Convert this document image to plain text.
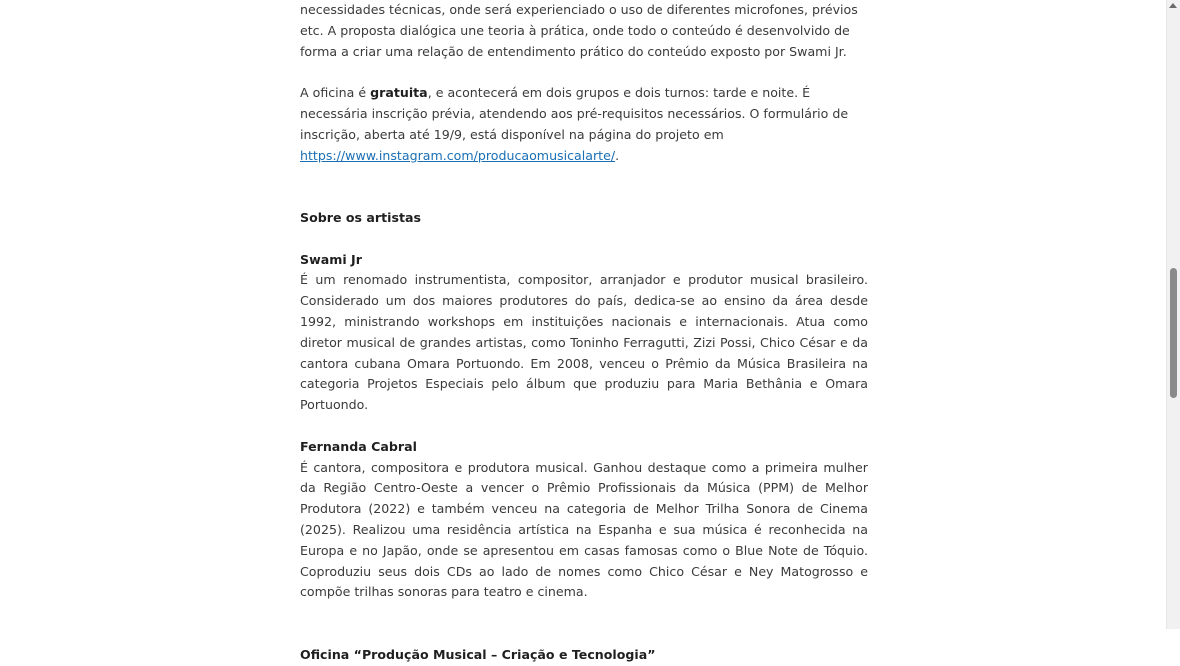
necessidades técnicas, onde será experienciado o uso de diferentes microfones, prévios etc. A proposta dialógica une teoria à prática, onde todo o conteúdo é desenvolvido de forma a criar uma relação de entendimento prático do conteúdo exposto por Swami Jr.

A oficina é gratuita, e acontecerá em dois grupos e dois turnos: tarde e noite. É necessária inscrição prévia, atendendo aos pré-requisitos necessários. O formulário de inscrição, aberta até 19/9, está disponível na página do projeto em https://www.instagram.com/producaomusicalarte/.

Sobre os artistas

Swami Jr

É um renomado instrumentista, compositor, arranjador e produtor musical brasileiro. Considerado um dos maiores produtores do país, dedica-se ao ensino da área desde 1992, ministrando workshops em instituições nacionais e internacionais. Atua como diretor musical de grandes artistas, como Toninho Ferragutti, Zizi Possi, Chico César e da cantora cubana Omara Portuondo. Em 2008, venceu o Prêmio da Música Brasileira na categoria Projetos Especiais pelo álbum que produziu para Maria Bethânia e Omara Portuondo.

Fernanda Cabral

É cantora, compositora e produtora musical. Ganhou destaque como a primeira mulher da Região Centro-Oeste a vencer o Prêmio Profissionais da Música (PPM) de Melhor Produtora (2022) e também venceu na categoria de Melhor Trilha Sonora de Cinema (2025). Realizou uma residência artística na Espanha e sua música é reconhecida na Europa e no Japão, onde se apresentou em casas famosas como o Blue Note de Tóquio. Coproduziu seus dois CDs ao lado de nomes como Chico César e Ney Matogrosso e compõe trilhas sonoras para teatro e cinema.

Oficina “Produção Musical – Criação e Tecnologia”
